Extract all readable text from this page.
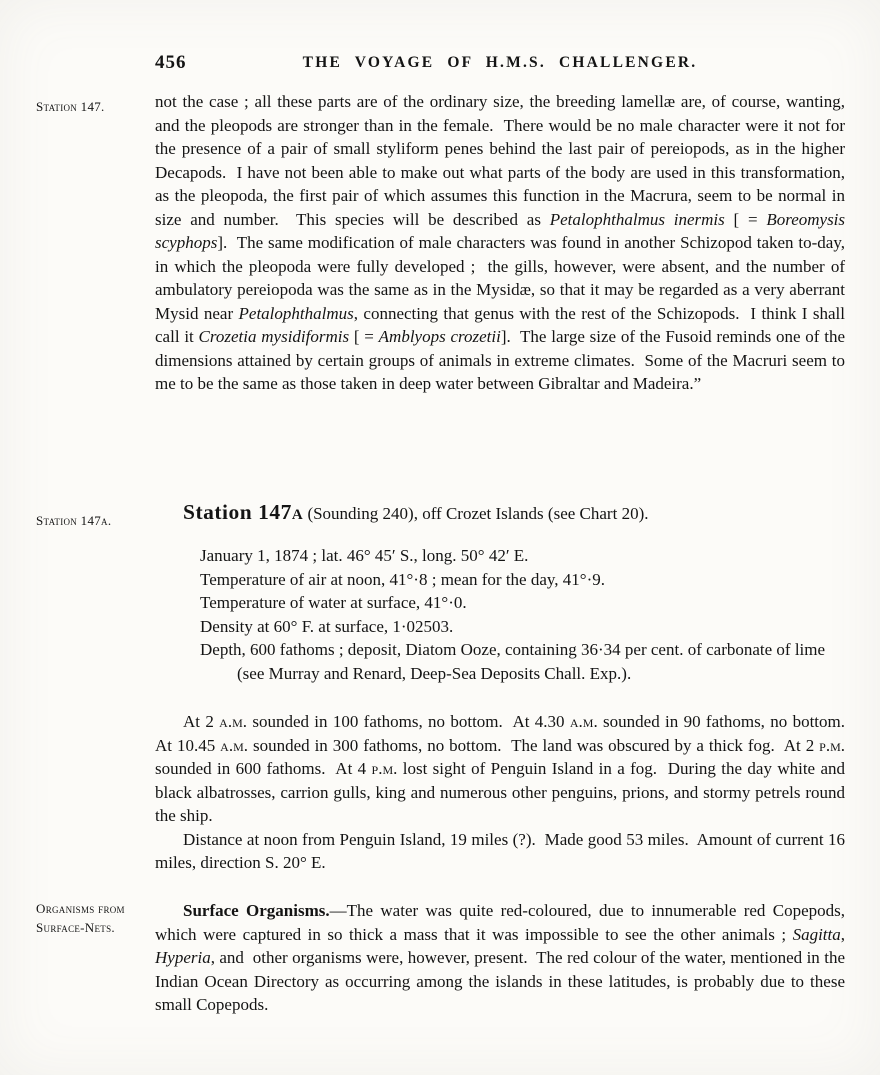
456	THE VOYAGE OF H.M.S. CHALLENGER.
Station 147.
Station 147a.
Organisms from Surface-Nets.

not the case ; all these parts are of the ordinary size, the breeding lamellæ are, of course, wanting, and the pleopods are stronger than in the female.  There would be no male character were it not for the presence of a pair of small styliform penes behind the last pair of pereiopods, as in the higher Decapods.  I have not been able to make out what parts of the body are used in this transformation, as the pleopoda, the first pair of which assumes this function in the Macrura, seem to be normal in size and number.  This species will be described as Petalophthalmus inermis [ = Boreomysis scyphops].  The same modification of male characters was found in another Schizopod taken to-day, in which the pleopoda were fully developed ;  the gills, however, were absent, and the number of ambulatory pereiopoda was the same as in the Mysidæ, so that it may be regarded as a very aberrant Mysid near Petalophthalmus, connecting that genus with the rest of the Schizopods.  I think I shall call it Crozetia mysidiformis [ = Amblyops crozetii].  The large size of the Fusoid reminds one of the dimensions attained by certain groups of animals in extreme climates.  Some of the Macruri seem to me to be the same as those taken in deep water between Gibraltar and Madeira.”

Station 147a (Sounding 240), off Crozet Islands (see Chart 20).

January 1, 1874 ; lat. 46° 45′ S., long. 50° 42′ E.

Temperature of air at noon, 41°·8 ; mean for the day, 41°·9.

Temperature of water at surface, 41°·0.

Density at 60° F. at surface, 1·02503.

Depth, 600 fathoms ; deposit, Diatom Ooze, containing 36·34 per cent. of carbonate of lime (see Murray and Renard, Deep-Sea Deposits Chall. Exp.).

At 2 a.m. sounded in 100 fathoms, no bottom.  At 4.30 a.m. sounded in 90 fathoms, no bottom.  At 10.45 a.m. sounded in 300 fathoms, no bottom.  The land was obscured by a thick fog.  At 2 p.m. sounded in 600 fathoms.  At 4 p.m. lost sight of Penguin Island in a fog.  During the day white and black albatrosses, carrion gulls, king and numerous other penguins, prions, and stormy petrels round the ship.

Distance at noon from Penguin Island, 19 miles (?).  Made good 53 miles.  Amount of current 16 miles, direction S. 20° E.

Surface Organisms.—The water was quite red-coloured, due to innumerable red Copepods, which were captured in so thick a mass that it was impossible to see the other animals ; Sagitta, Hyperia, and  other organisms were, however, present.  The red colour of the water, mentioned in the Indian Ocean Directory as occurring among the islands in these latitudes, is probably due to these small Copepods.
